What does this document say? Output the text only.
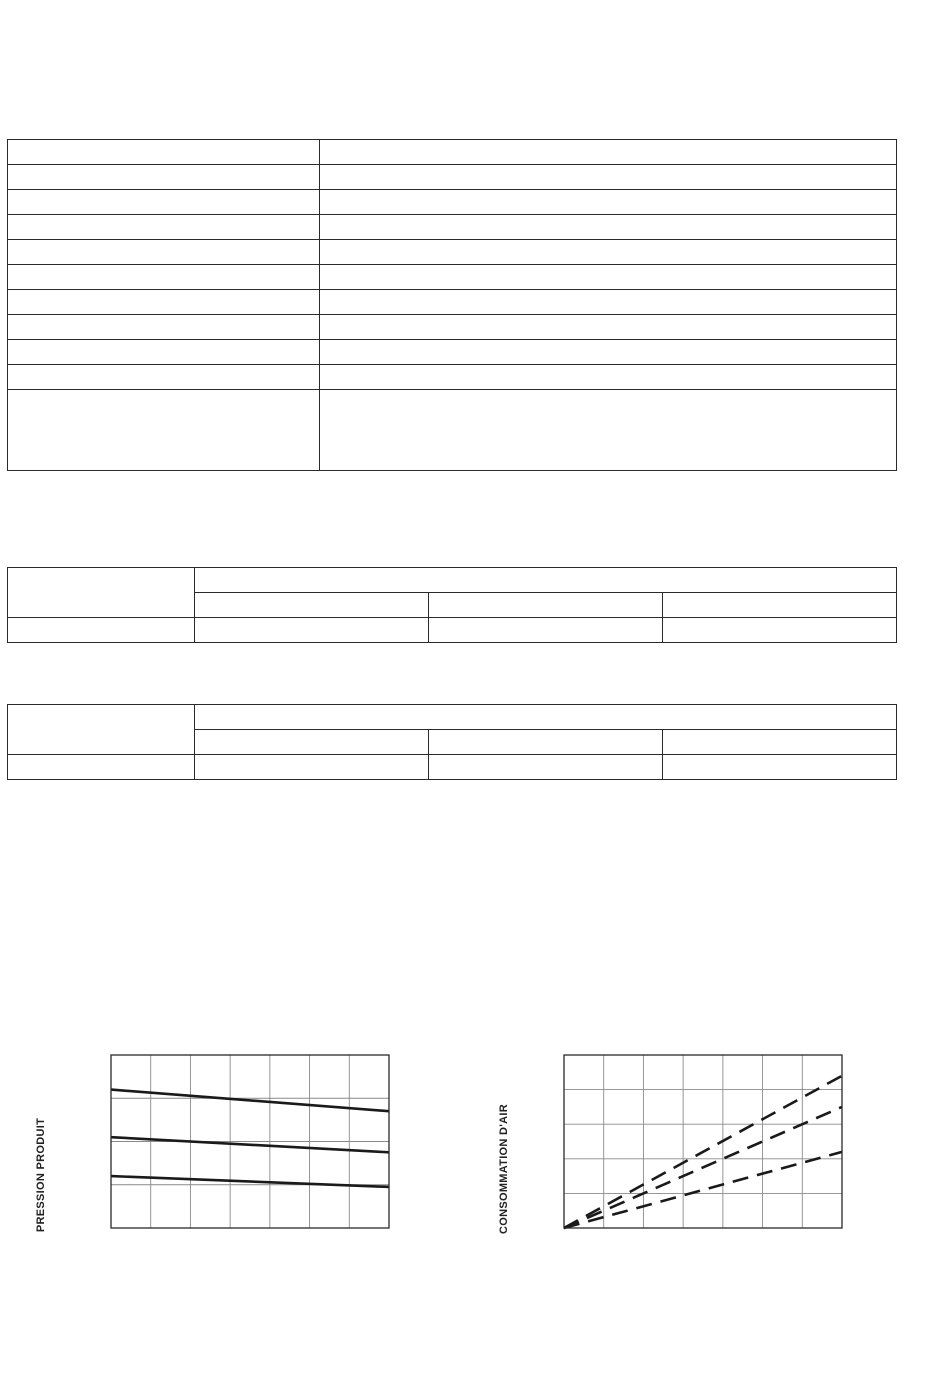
PRESSION PRODUIT	CONSOMMATION D'AIR
